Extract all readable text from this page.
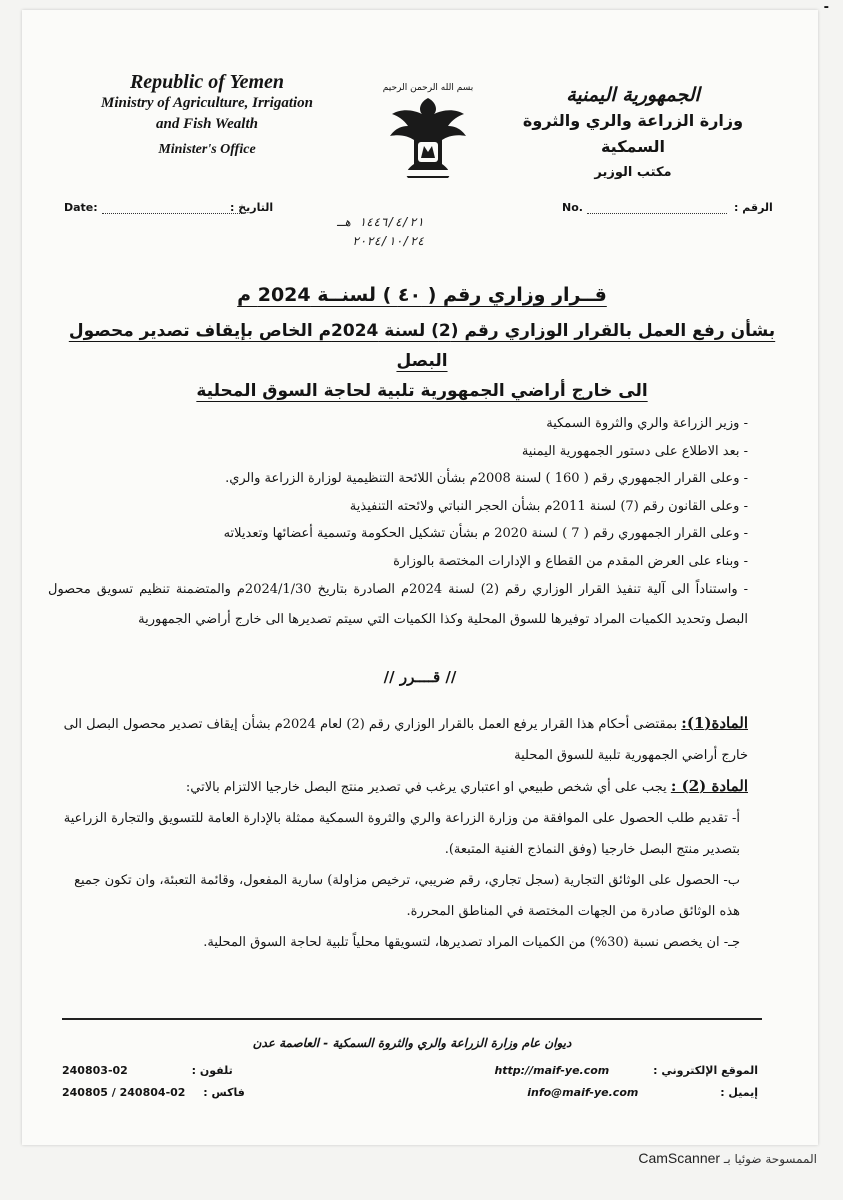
Republic of Yemen
Ministry of Agriculture, Irrigation
and Fish Wealth
Minister's Office
بسم الله الرحمن الرحيم	الجمهورية اليمنية
وزارة الزراعة والري والثروة السمكية
مكتب الوزير
Date:	: التاريخ	No.	: الرقم
١٤٤٦/٤/٢١ هـ
٢٠٢٤/١٠/٢٤
قــرار وزاري رقم ( ٤٠ ) لسنــة 2024 م
بشأن رفع العمل بالقرار الوزاري رقم (2) لسنة 2024م الخاص بإيقاف تصدير محصول البصل
الى خارج أراضي الجمهورية تلبية لحاجة السوق المحلية
- وزير الزراعة والري والثروة السمكية
- بعد الاطلاع على دستور الجمهورية اليمنية
- وعلى القرار الجمهوري رقم ( 160 ) لسنة 2008م بشأن اللائحة التنظيمية لوزارة الزراعة والري.
- وعلى القانون رقم (7) لسنة 2011م بشأن الحجر النباتي ولائحته التنفيذية
- وعلى القرار الجمهوري رقم ( 7 ) لسنة 2020 م بشأن تشكيل الحكومة وتسمية أعضائها وتعديلاته
- وبناء على العرض المقدم من القطاع و الإدارات المختصة بالوزارة
- واستناداً الى آلية تنفيذ القرار الوزاري رقم (2) لسنة 2024م الصادرة بتاريخ 2024/1/30م والمتضمنة تنظيم تسويق محصول البصل وتحديد الكميات المراد توفيرها للسوق المحلية وكذا الكميات التي سيتم تصديرها الى خارج أراضي الجمهورية
// قــــرر //
المادة(1): بمقتضى أحكام هذا القرار يرفع العمل بالقرار الوزاري رقم (2) لعام 2024م بشأن إيقاف تصدير محصول البصل الى خارج أراضي الجمهورية تلبية للسوق المحلية
المادة (2) : يجب على أي شخص طبيعي او اعتباري يرغب في تصدير منتج البصل خارجيا الالتزام بالاتي:
أ- تقديم طلب الحصول على الموافقة من وزارة الزراعة والري والثروة السمكية ممثلة بالإدارة العامة للتسويق والتجارة الزراعية بتصدير منتج البصل خارجيا (وفق النماذج الفنية المتبعة).
ب- الحصول على الوثائق التجارية (سجل تجاري، رقم ضريبي، ترخيص مزاولة) سارية المفعول، وقائمة التعبئة، وان تكون جميع هذه الوثائق صادرة من الجهات المختصة في المناطق المحررة.
جـ- ان يخصص نسبة (30%) من الكميات المراد تصديرها، لتسويقها محلياً تلبية لحاجة السوق المحلية.
ديوان عام وزارة الزراعة والري والثروة السمكية - العاصمة عدن
الموقع الإلكتروني : http://maif-ye.com
إيميل : info@maif-ye.com
تلفون : 02-240803
فاكس : 02-240804 / 240805
-
الممسوحة ضوئيا بـ CamScanner
